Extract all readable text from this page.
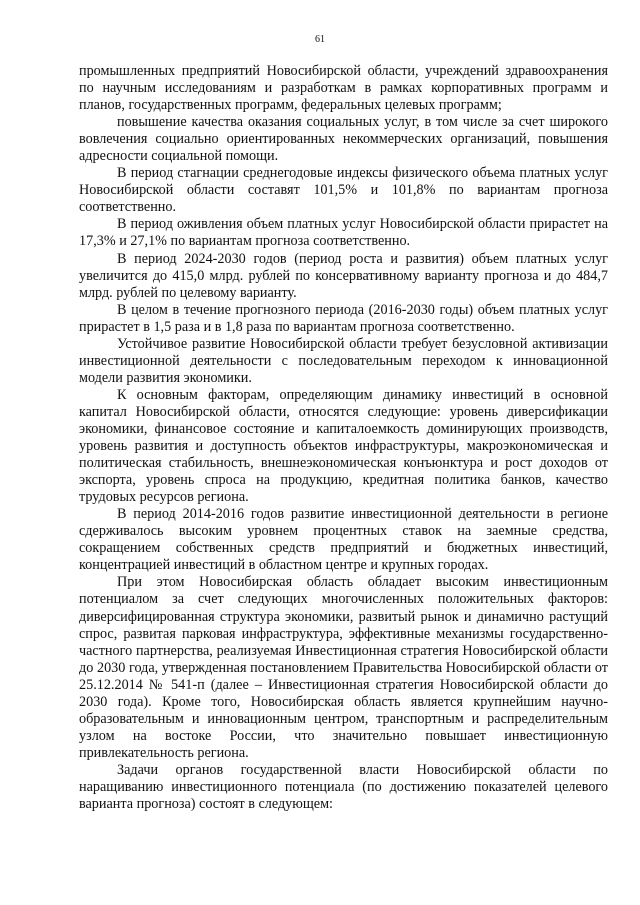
61

промышленных предприятий Новосибирской области, учреждений здравоохранения по научным исследованиям и разработкам в рамках корпоративных программ и планов, государственных программ, федеральных целевых программ;

повышение качества оказания социальных услуг, в том числе за счет широкого вовлечения социально ориентированных некоммерческих организаций, повышения адресности социальной помощи.

В период стагнации среднегодовые индексы физического объема платных услуг Новосибирской области составят 101,5% и 101,8% по вариантам прогноза соответственно.

В период оживления объем платных услуг Новосибирской области прирастет на 17,3% и 27,1% по вариантам прогноза соответственно.

В период 2024-2030 годов (период роста и развития) объем платных услуг увеличится до 415,0 млрд. рублей по консервативному варианту прогноза и до 484,7 млрд. рублей по целевому варианту.

В целом в течение прогнозного периода (2016-2030 годы) объем платных услуг прирастет в 1,5 раза и в 1,8 раза по вариантам прогноза соответственно.

Устойчивое развитие Новосибирской области требует безусловной активизации инвестиционной деятельности с последовательным переходом к инновационной модели развития экономики.

К основным факторам, определяющим динамику инвестиций в основной капитал Новосибирской области, относятся следующие: уровень диверсификации экономики, финансовое состояние и капиталоемкость доминирующих производств, уровень развития и доступность объектов инфраструктуры, макроэкономическая и политическая стабильность, внешнеэкономическая конъюнктура и рост доходов от экспорта, уровень спроса на продукцию, кредитная политика банков, качество трудовых ресурсов региона.

В период 2014-2016 годов развитие инвестиционной деятельности в регионе сдерживалось высоким уровнем процентных ставок на заемные средства, сокращением собственных средств предприятий и бюджетных инвестиций, концентрацией инвестиций в областном центре и крупных городах.

При этом Новосибирская область обладает высоким инвестиционным потенциалом за счет следующих многочисленных положительных факторов: диверсифицированная структура экономики, развитый рынок и динамично растущий спрос, развитая парковая инфраструктура, эффективные механизмы государственно-частного партнерства, реализуемая Инвестиционная стратегия Новосибирской области до 2030 года, утвержденная постановлением Правительства Новосибирской области от 25.12.2014 № 541-п (далее – Инвестиционная стратегия Новосибирской области до 2030 года). Кроме того, Новосибирская область является крупнейшим научно-образовательным и инновационным центром, транспортным и распределительным узлом на востоке России, что значительно повышает инвестиционную привлекательность региона.

Задачи органов государственной власти Новосибирской области по наращиванию инвестиционного потенциала (по достижению показателей целевого варианта прогноза) состоят в следующем:
